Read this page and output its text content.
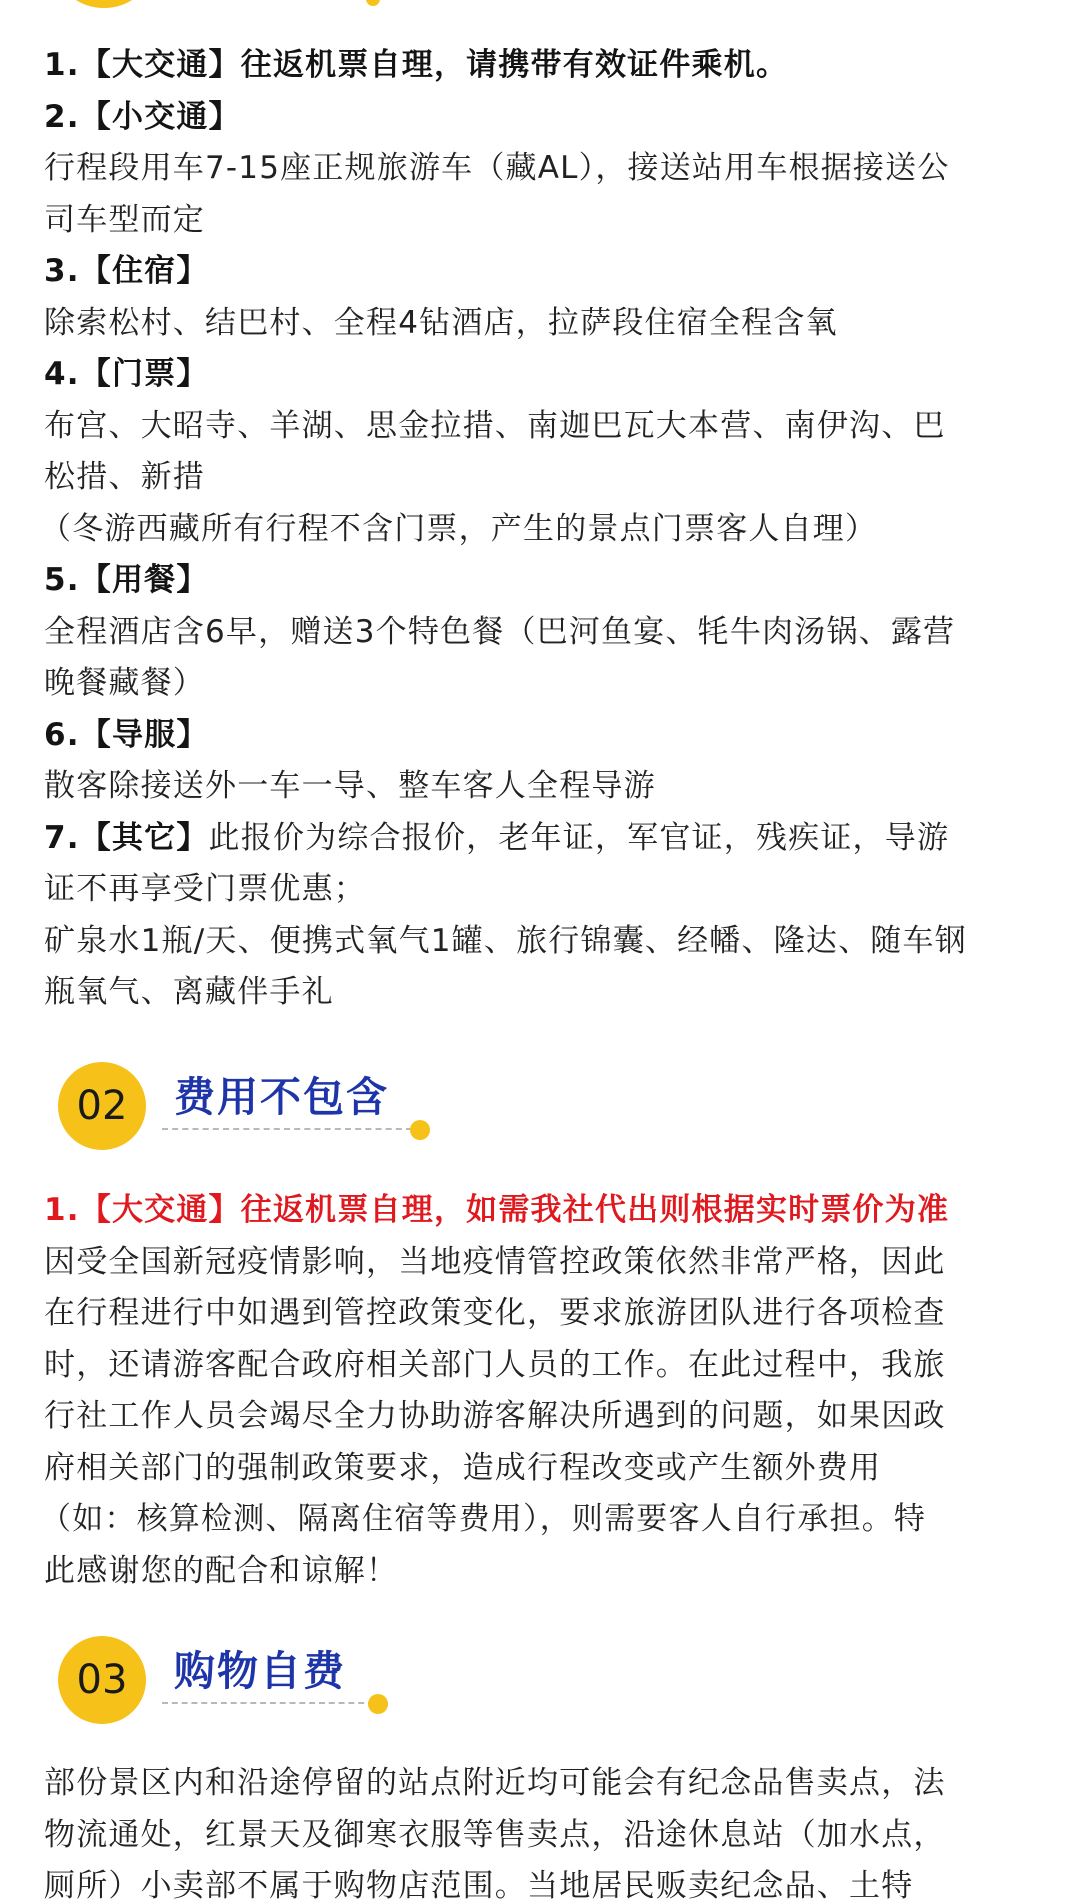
1.【大交通】往返机票自理，请携带有效证件乘机。
2.【小交通】
行程段用车7-15座正规旅游车（藏AL），接送站用车根据接送公
司车型而定
3.【住宿】
除索松村、结巴村、全程4钻酒店，拉萨段住宿全程含氧
4.【门票】
布宫、大昭寺、羊湖、思金拉措、南迦巴瓦大本营、南伊沟、巴
松措、新措
（冬游西藏所有行程不含门票，产生的景点门票客人自理）
5.【用餐】
全程酒店含6早，赠送3个特色餐（巴河鱼宴、牦牛肉汤锅、露营
晚餐藏餐）
6.【导服】
散客除接送外一车一导、整车客人全程导游
7.【其它】此报价为综合报价，老年证，军官证，残疾证，导游
证不再享受门票优惠；
矿泉水1瓶/天、便携式氧气1罐、旅行锦囊、经幡、隆达、随车钢
瓶氧气、离藏伴手礼
02	费用不包含
1.【大交通】往返机票自理，如需我社代出则根据实时票价为准
因受全国新冠疫情影响，当地疫情管控政策依然非常严格，因此
在行程进行中如遇到管控政策变化，要求旅游团队进行各项检查
时，还请游客配合政府相关部门人员的工作。在此过程中，我旅
行社工作人员会竭尽全力协助游客解决所遇到的问题，如果因政
府相关部门的强制政策要求，造成行程改变或产生额外费用
（如：核算检测、隔离住宿等费用），则需要客人自行承担。特
此感谢您的配合和谅解！
03	购物自费
部份景区内和沿途停留的站点附近均可能会有纪念品售卖点，法
物流通处，红景天及御寒衣服等售卖点，沿途休息站（加水点，
厕所）小卖部不属于购物店范围。当地居民贩卖纪念品、土特
